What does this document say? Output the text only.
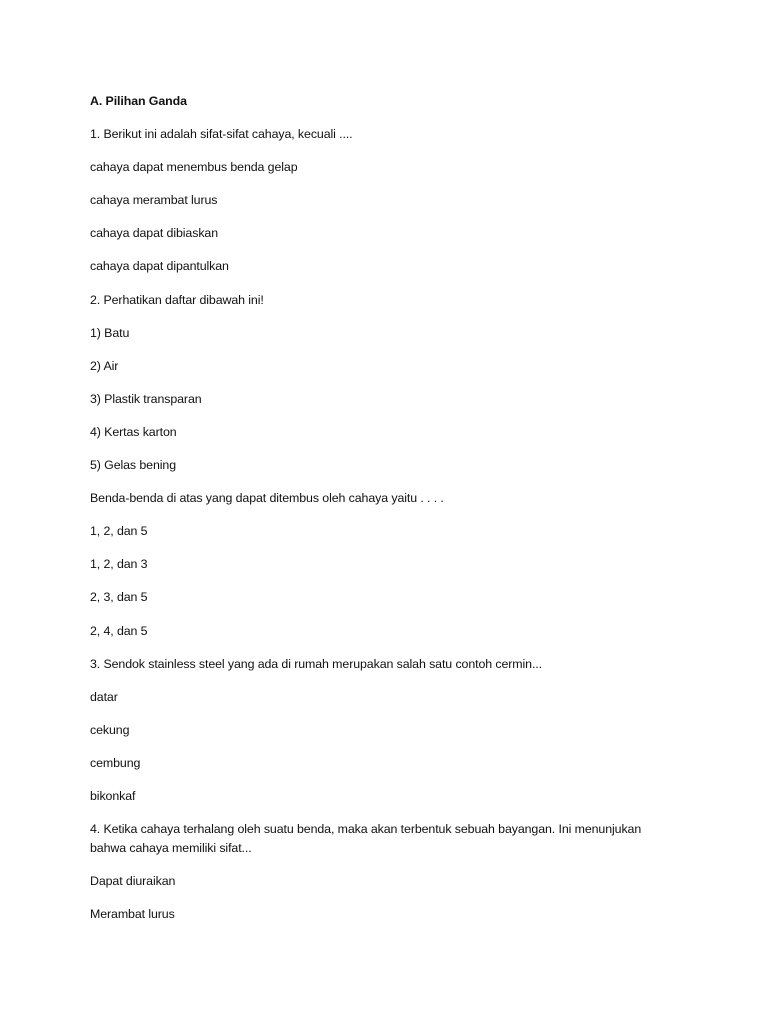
A. Pilihan Ganda
1. Berikut ini adalah sifat-sifat cahaya, kecuali ....
cahaya dapat menembus benda gelap
cahaya merambat lurus
cahaya dapat dibiaskan
cahaya dapat dipantulkan
2. Perhatikan daftar dibawah ini!
1) Batu
2) Air
3) Plastik transparan
4) Kertas karton
5) Gelas bening
Benda-benda di atas yang dapat ditembus oleh cahaya yaitu . . . .
1, 2, dan 5
1, 2, dan 3
2, 3, dan 5
2, 4, dan 5
3. Sendok stainless steel yang ada di rumah merupakan salah satu contoh cermin...
datar
cekung
cembung
bikonkaf
4. Ketika cahaya terhalang oleh suatu benda, maka akan terbentuk sebuah bayangan. Ini menunjukan bahwa cahaya memiliki sifat...
Dapat diuraikan
Merambat lurus
